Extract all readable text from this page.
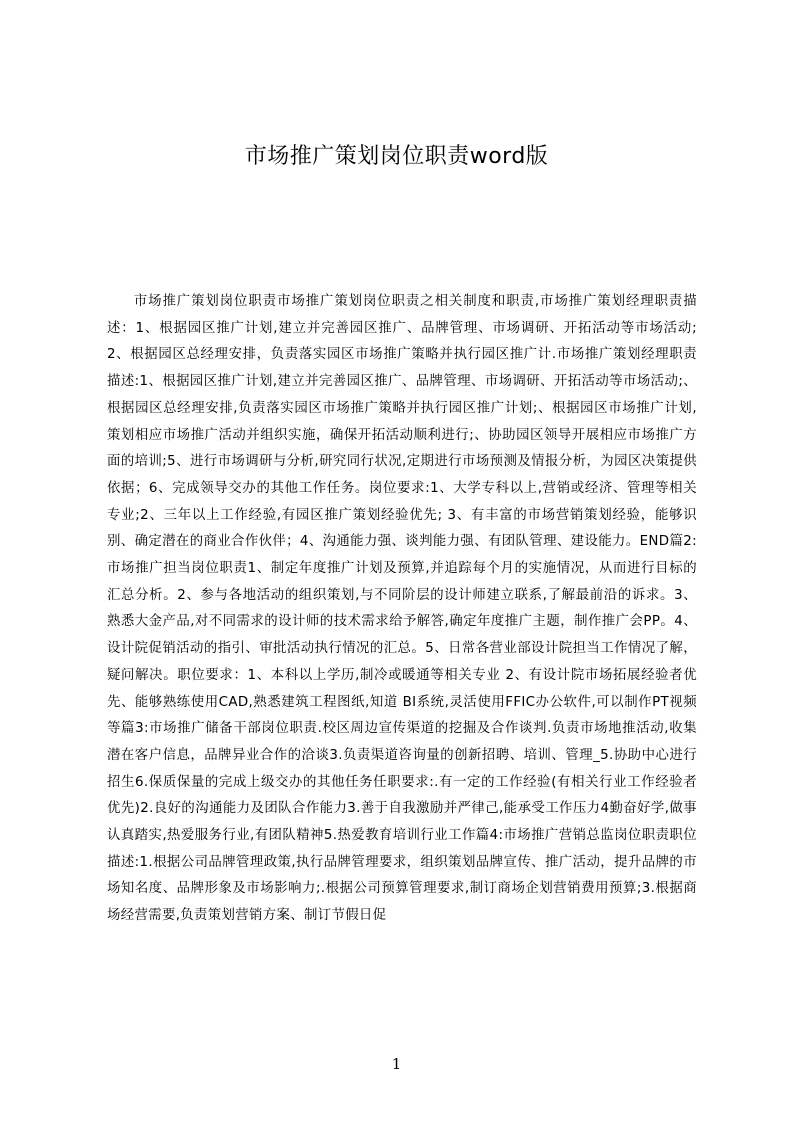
市场推广策划岗位职责word版

市场推广策划岗位职责市场推广策划岗位职责之相关制度和职责,市场推广策划经理职责描述：1、根据园区推广计划,建立并完善园区推广、品牌管理、市场调研、开拓活动等市场活动;2、根据园区总经理安排，负责落实园区市场推广策略并执行园区推广计.市场推广策划经理职责描述:1、根据园区推广计划,建立并完善园区推广、品牌管理、市场调研、开拓活动等市场活动;、根据园区总经理安排,负责落实园区市场推广策略并执行园区推广计划;、根据园区市场推广计划,策划相应市场推广活动并组织实施，确保开拓活动顺利进行;、协助园区领导开展相应市场推广方面的培训;5、进行市场调研与分析,研究同行状况,定期进行市场预测及情报分析，为园区决策提供依据；6、完成领导交办的其他工作任务。岗位要求:1、大学专科以上,营销或经济、管理等相关专业;2、三年以上工作经验,有园区推广策划经验优先; 3、有丰富的市场营销策划经验，能够识别、确定潜在的商业合作伙伴；4、沟通能力强、谈判能力强、有团队管理、建设能力。END篇2:市场推广担当岗位职责1、制定年度推广计划及预算,并追踪每个月的实施情况，从而进行目标的汇总分析。2、参与各地活动的组织策划,与不同阶层的设计师建立联系,了解最前沿的诉求。3、熟悉大金产品,对不同需求的设计师的技术需求给予解答,确定年度推广主题，制作推广会PP。4、设计院促销活动的指引、审批活动执行情况的汇总。5、日常各营业部设计院担当工作情况了解，疑问解决。职位要求：1、本科以上学历,制冷或暖通等相关专业 2、有设计院市场拓展经验者优先、能够熟练使用CAD,熟悉建筑工程图纸,知道 BI系统,灵活使用FFIC办公软件,可以制作PT视频等篇3:市场推广储备干部岗位职责.校区周边宣传渠道的挖掘及合作谈判.负责市场地推活动,收集潜在客户信息，品牌异业合作的洽谈3.负责渠道咨询量的创新招聘、培训、管理_5.协助中心进行招生6.保质保量的完成上级交办的其他任务任职要求:.有一定的工作经验(有相关行业工作经验者优先)2.良好的沟通能力及团队合作能力3.善于自我激励并严律己,能承受工作压力4勤奋好学,做事认真踏实,热爱服务行业,有团队精神5.热爱教育培训行业工作篇4:市场推广营销总监岗位职责职位描述:1.根据公司品牌管理政策,执行品牌管理要求，组织策划品牌宣传、推广活动，提升品牌的市场知名度、品牌形象及市场影响力;.根据公司预算管理要求,制订商场企划营销费用预算;3.根据商场经营需要,负责策划营销方案、制订节假日促

1
